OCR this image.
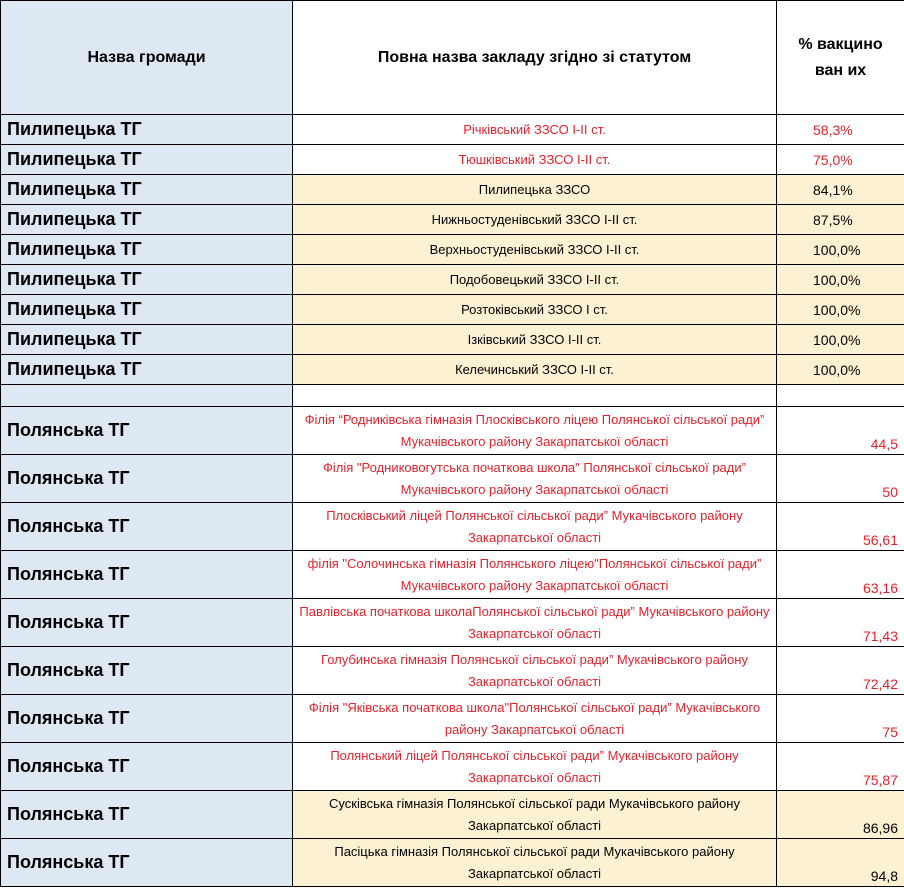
Назва громади	Повна назва закладу згідно зі статутом	% вакцинован их
Пилипецька ТГ	Річківський ЗЗСО І-ІІ ст.	58,3%
Пилипецька ТГ	Тюшківський ЗЗСО І-ІІ ст.	75,0%
Пилипецька ТГ	Пилипецька ЗЗСО	84,1%
Пилипецька ТГ	Нижньостуденівський ЗЗСО І-ІІ ст.	87,5%
Пилипецька ТГ	Верхньостуденівський ЗЗСО І-ІІ ст.	100,0%
Пилипецька ТГ	Подобовецький ЗЗСО І-ІІ ст.	100,0%
Пилипецька ТГ	Розтоківський ЗЗСО І ст.	100,0%
Пилипецька ТГ	Ізківський ЗЗСО І-ІІ ст.	100,0%
Пилипецька ТГ	Келечинський ЗЗСО І-ІІ ст.	100,0%

Полянська ТГ	Філія “Родниківська гімназія Плосківського ліцею Полянської сільської ради” Мукачівського району Закарпатської області	44,5
Полянська ТГ	Філія "Родниковогутська початкова школа" Полянської сільської ради” Мукачівського району Закарпатської області	50
Полянська ТГ	Плосківський ліцей Полянської сільської ради” Мукачівського району Закарпатської області	56,61
Полянська ТГ	філія "Солочинська гімназія Полянського ліцею"Полянської сільської ради” Мукачівського району Закарпатської області	63,16
Полянська ТГ	Павлівська початкова школаПолянської сільської ради” Мукачівського району Закарпатської області	71,43
Полянська ТГ	Голубинська гімназія Полянської сільської ради” Мукачівського району Закарпатської області	72,42
Полянська ТГ	Філія "Яківська початкова школа"Полянської сільської ради” Мукачівського району Закарпатської області	75
Полянська ТГ	Полянський ліцей Полянської сільської ради” Мукачівського району Закарпатської області	75,87
Полянська ТГ	Сусківська гімназія Полянської сільської ради Мукачівського району Закарпатської області	86,96
Полянська ТГ	Пасіцька гімназія Полянської сільської ради Мукачівського району Закарпатської області	94,8
